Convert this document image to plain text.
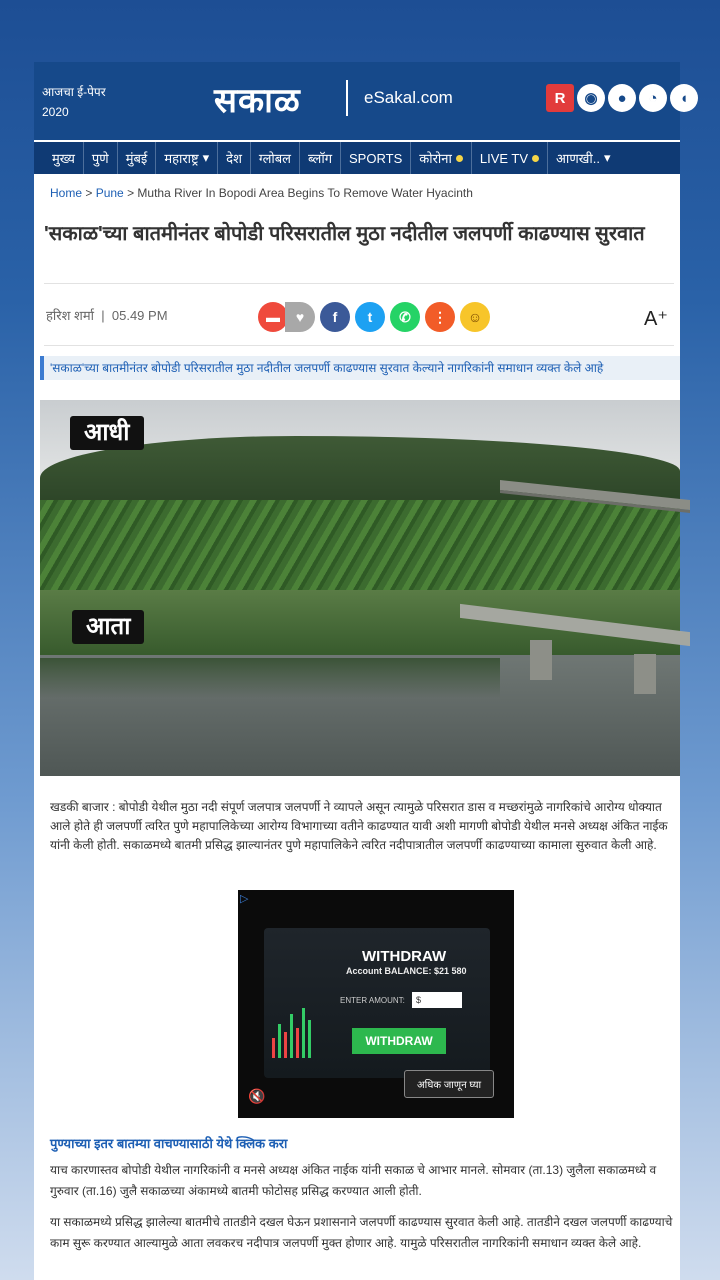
आजचा ई-पेपर
2020	सकाळ	eSakal.com	R	◉	●	◔	◖
मुख्य पुणे मुंबई महाराष्ट्र ▾ देश ग्लोबल ब्लॉग SPORTS कोरोना LIVE TV आणखी.. ▾
Home > Pune > Mutha River In Bopodi Area Begins To Remove Water Hyacinth
'सकाळ'च्या बातमीनंतर बोपोडी परिसरातील मुठा नदीतील जलपर्णी काढण्यास सुरवात
हरिश शर्मा  |  05.49 PM	▬	♥	f	t	✆	⋮	☺	A⁺
'सकाळ'च्या बातमीनंतर बोपोडी परिसरातील मुठा नदीतील जलपर्णी काढण्यास सुरवात केल्याने नागरिकांनी समाधान व्यक्त केले आहे
आधी
आता
खडकी बाजार : बोपोडी येथील मुठा नदी संपूर्ण जलपात्र जलपर्णी ने व्यापले असून त्यामुळे परिसरात डास व मच्छरांमुळे नागरिकांचे आरोग्य धोक्यात आले होते ही जलपर्णी त्वरित पुणे महापालिकेच्या आरोग्य विभागाच्या वतीने काढण्यात यावी अशी मागणी बोपोडी येथील मनसे अध्यक्ष अंकित नाईक यांनी केली होती. सकाळमध्ये बातमी प्रसिद्ध झाल्यानंतर पुणे महापालिकेने त्वरित नदीपात्रातील जलपर्णी काढण्याच्या कामाला सुरुवात केली आहे.
▷
WITHDRAW
Account BALANCE: $21 580
ENTER AMOUNT:	$
WITHDRAW
अधिक जाणून घ्या
🔇
पुण्याच्या इतर बातम्या वाचण्यासाठी येथे क्लिक करा
याच कारणास्तव बोपोडी येथील नागरिकांनी व मनसे अध्यक्ष अंकित नाईक यांनी सकाळ चे आभार मानले. सोमवार (ता.13) जुलैला सकाळमध्ये व गुरुवार (ता.16) जुलै सकाळच्या अंकामध्ये बातमी फोटोसह प्रसिद्ध करण्यात आली होती.
या सकाळमध्ये प्रसिद्ध झालेल्या बातमीचे तातडीने दखल घेऊन प्रशासनाने जलपर्णी काढण्यास सुरवात केली आहे. तातडीने दखल जलपर्णी काढण्याचे काम सुरू करण्यात आल्यामुळे आता लवकरच नदीपात्र जलपर्णी मुक्त होणार आहे. यामुळे परिसरातील नागरिकांनी समाधान व्यक्त केले आहे.
